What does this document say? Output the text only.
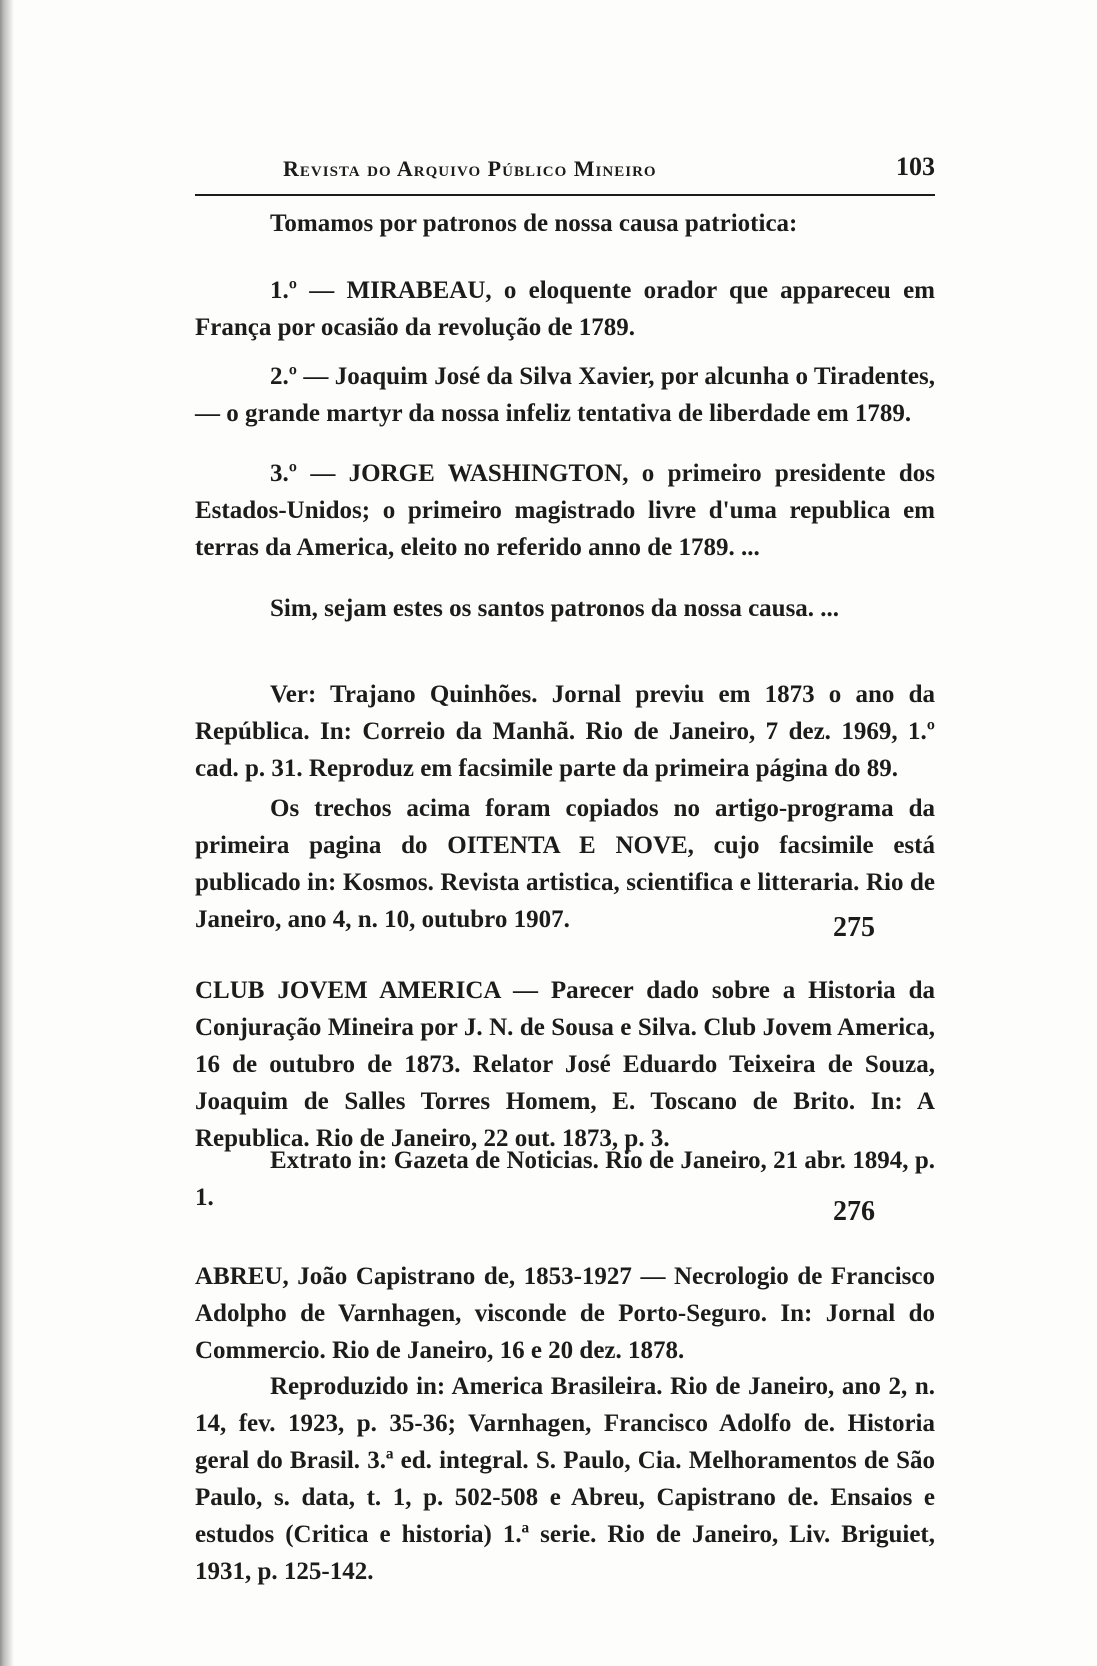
Revista do Arquivo Público Mineiro	103

Tomamos por patronos de nossa causa patriotica:

1.º — MIRABEAU, o eloquente orador que appareceu em França por ocasião da revolução de 1789.

2.º — Joaquim José da Silva Xavier, por alcunha o Tiradentes, — o grande martyr da nossa infeliz tentativa de liberdade em 1789.

3.º — JORGE WASHINGTON, o primeiro presidente dos Estados-Unidos; o primeiro magistrado livre d'uma republica em terras da America, eleito no referido anno de 1789. ...

Sim, sejam estes os santos patronos da nossa causa. ...

Ver: Trajano Quinhões. Jornal previu em 1873 o ano da República. In: Correio da Manhã. Rio de Janeiro, 7 dez. 1969, 1.º cad. p. 31. Reproduz em facsimile parte da primeira página do 89.

Os trechos acima foram copiados no artigo-programa da primeira pagina do OITENTA E NOVE, cujo facsimile está publicado in: Kosmos. Revista artistica, scientifica e litteraria. Rio de Janeiro, ano 4, n. 10, outubro 1907.	275

CLUB JOVEM AMERICA — Parecer dado sobre a Historia da Conjuração Mineira por J. N. de Sousa e Silva. Club Jovem America, 16 de outubro de 1873. Relator José Eduardo Teixeira de Souza, Joaquim de Salles Torres Homem, E. Toscano de Brito. In: A Republica. Rio de Janeiro, 22 out. 1873, p. 3.

Extrato in: Gazeta de Noticias. Rio de Janeiro, 21 abr. 1894, p. 1.	276

ABREU, João Capistrano de, 1853-1927 — Necrologio de Francisco Adolpho de Varnhagen, visconde de Porto-Seguro. In: Jornal do Commercio. Rio de Janeiro, 16 e 20 dez. 1878.

Reproduzido in: America Brasileira. Rio de Janeiro, ano 2, n. 14, fev. 1923, p. 35-36; Varnhagen, Francisco Adolfo de. Historia geral do Brasil. 3.ª ed. integral. S. Paulo, Cia. Melhoramentos de São Paulo, s. data, t. 1, p. 502-508 e Abreu, Capistrano de. Ensaios e estudos (Critica e historia) 1.ª serie. Rio de Janeiro, Liv. Briguiet, 1931, p. 125-142.
